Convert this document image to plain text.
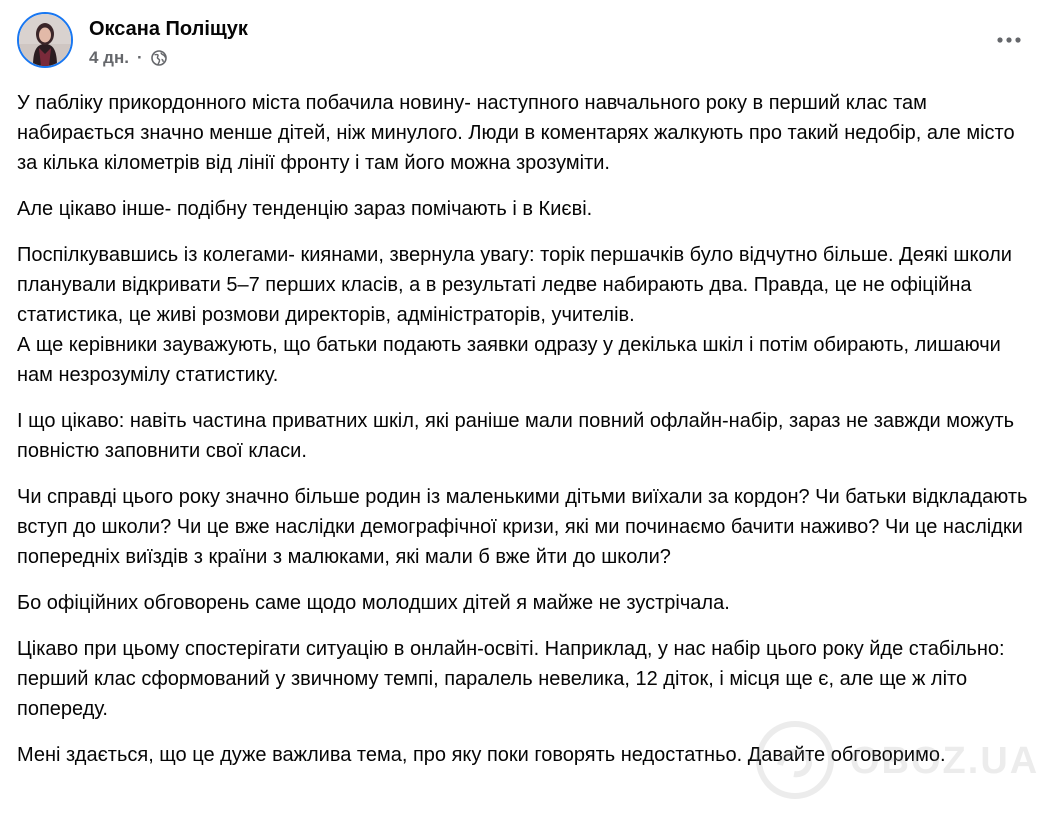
Оксана Поліщук
4 дн. ·

У пабліку прикордонного міста побачила новину- наступного навчального року в перший клас там набирається значно менше дітей, ніж минулого. Люди в коментарях жалкують про такий недобір, але місто за кілька кілометрів від лінії фронту і там його можна зрозуміти.

Але цікаво інше- подібну тенденцію зараз помічають і в Києві.

Поспілкувавшись із колегами- киянами, звернула увагу: торік першачків було відчутно більше. Деякі школи планували відкривати 5–7 перших класів, а в результаті ледве набирають два. Правда, це не офіційна статистика, це живі розмови директорів, адміністраторів, учителів.
А ще керівники зауважують, що батьки подають заявки одразу у декілька шкіл і потім обирають, лишаючи нам незрозумілу статистику.

І що цікаво: навіть частина приватних шкіл, які раніше мали повний офлайн-набір, зараз не завжди можуть повністю заповнити свої класи.

Чи справді цього року значно більше родин із маленькими дітьми виїхали за кордон? Чи батьки відкладають вступ до школи? Чи це вже наслідки демографічної кризи, які ми починаємо бачити наживо? Чи це наслідки попередніх виїздів з країни з малюками, які мали б вже йти до школи?

Бо офіційних обговорень саме щодо молодших дітей я майже не зустрічала.

Цікаво при цьому спостерігати ситуацію в онлайн-освіті. Наприклад, у нас набір цього року йде стабільно: перший клас сформований у звичному темпі, паралель невелика, 12 діток, і місця ще є, але ще ж літо попереду.

Мені здається, що це дуже важлива тема, про яку поки говорять недостатньо. Давайте обговоримо.

OBOZ.UA
